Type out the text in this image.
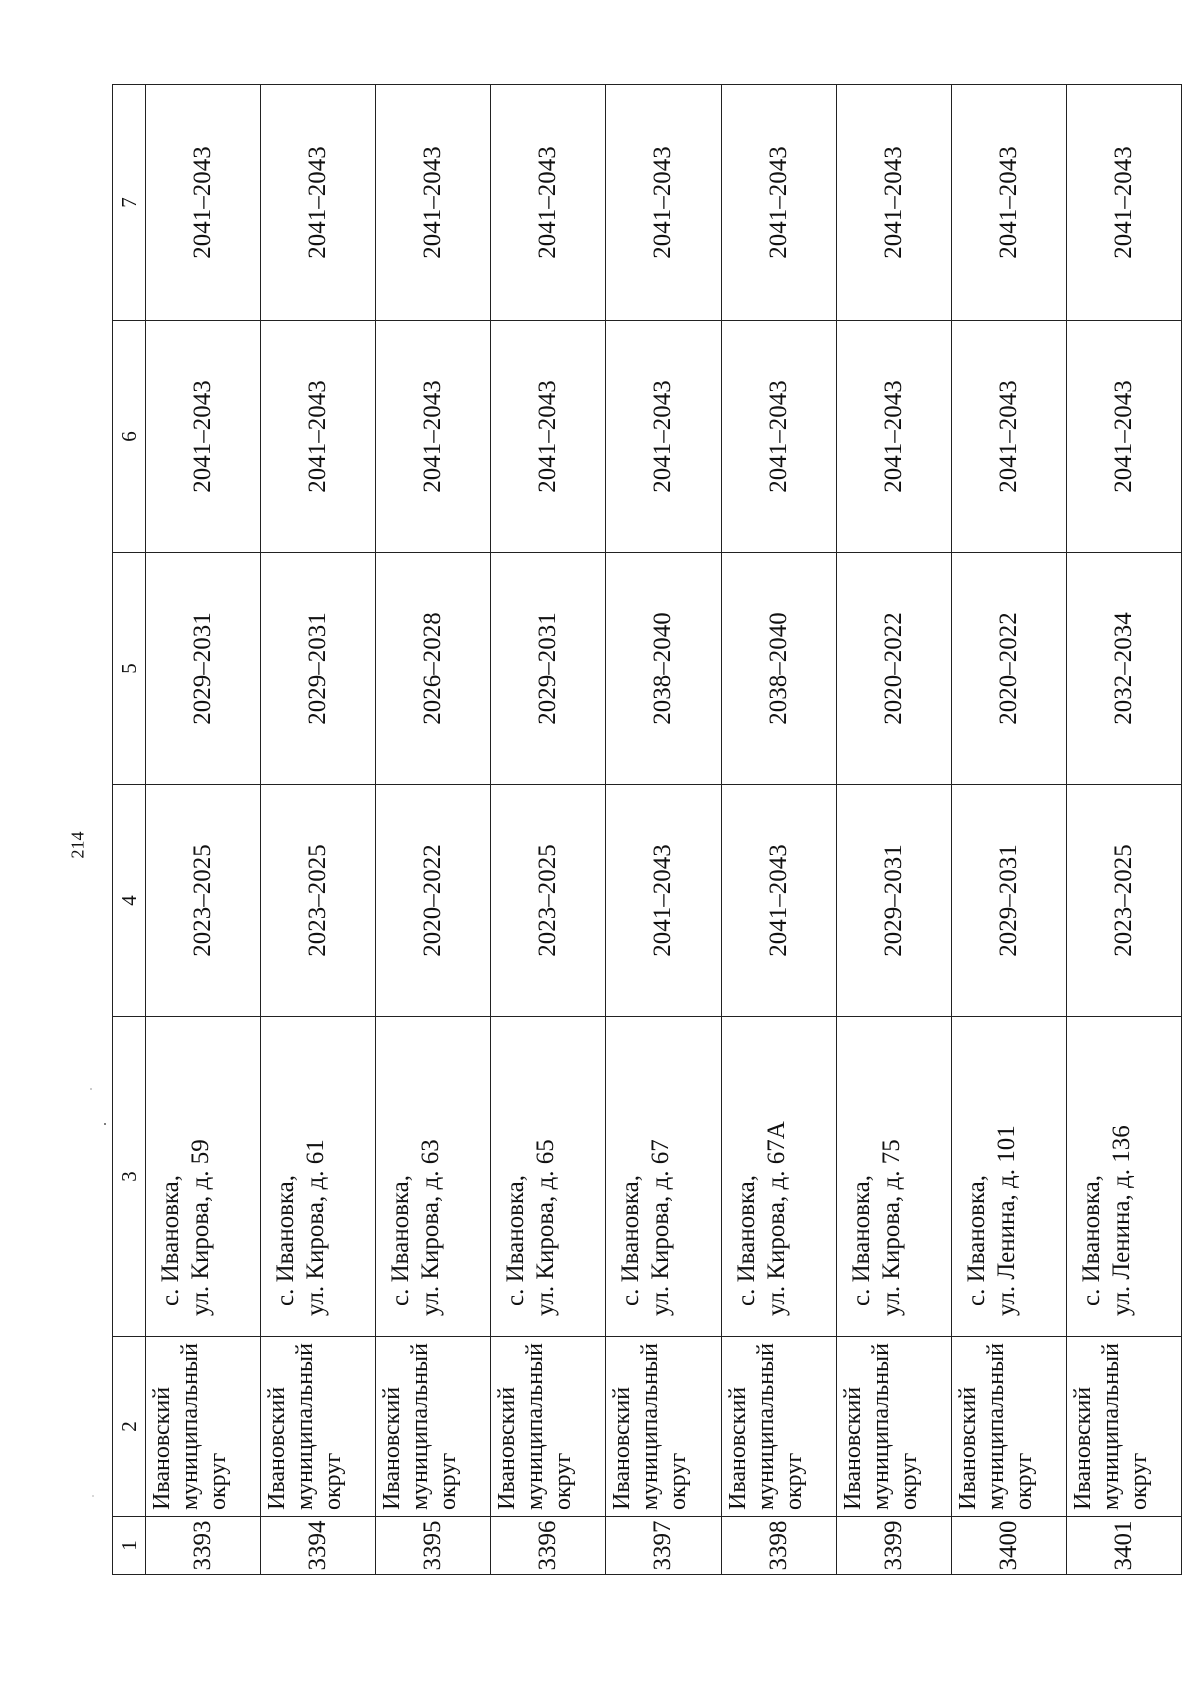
214
1	2	3	4	5	6	7
3393	Ивановский муниципальный округ	с. Ивановка, ул. Кирова, д. 59	2023–2025	2029–2031	2041–2043	2041–2043
3394	Ивановский муниципальный округ	с. Ивановка, ул. Кирова, д. 61	2023–2025	2029–2031	2041–2043	2041–2043
3395	Ивановский муниципальный округ	с. Ивановка, ул. Кирова, д. 63	2020–2022	2026–2028	2041–2043	2041–2043
3396	Ивановский муниципальный округ	с. Ивановка, ул. Кирова, д. 65	2023–2025	2029–2031	2041–2043	2041–2043
3397	Ивановский муниципальный округ	с. Ивановка, ул. Кирова, д. 67	2041–2043	2038–2040	2041–2043	2041–2043
3398	Ивановский муниципальный округ	с. Ивановка, ул. Кирова, д. 67А	2041–2043	2038–2040	2041–2043	2041–2043
3399	Ивановский муниципальный округ	с. Ивановка, ул. Кирова, д. 75	2029–2031	2020–2022	2041–2043	2041–2043
3400	Ивановский муниципальный округ	с. Ивановка, ул. Ленина, д. 101	2029–2031	2020–2022	2041–2043	2041–2043
3401	Ивановский муниципальный округ	с. Ивановка, ул. Ленина, д. 136	2023–2025	2032–2034	2041–2043	2041–2043
